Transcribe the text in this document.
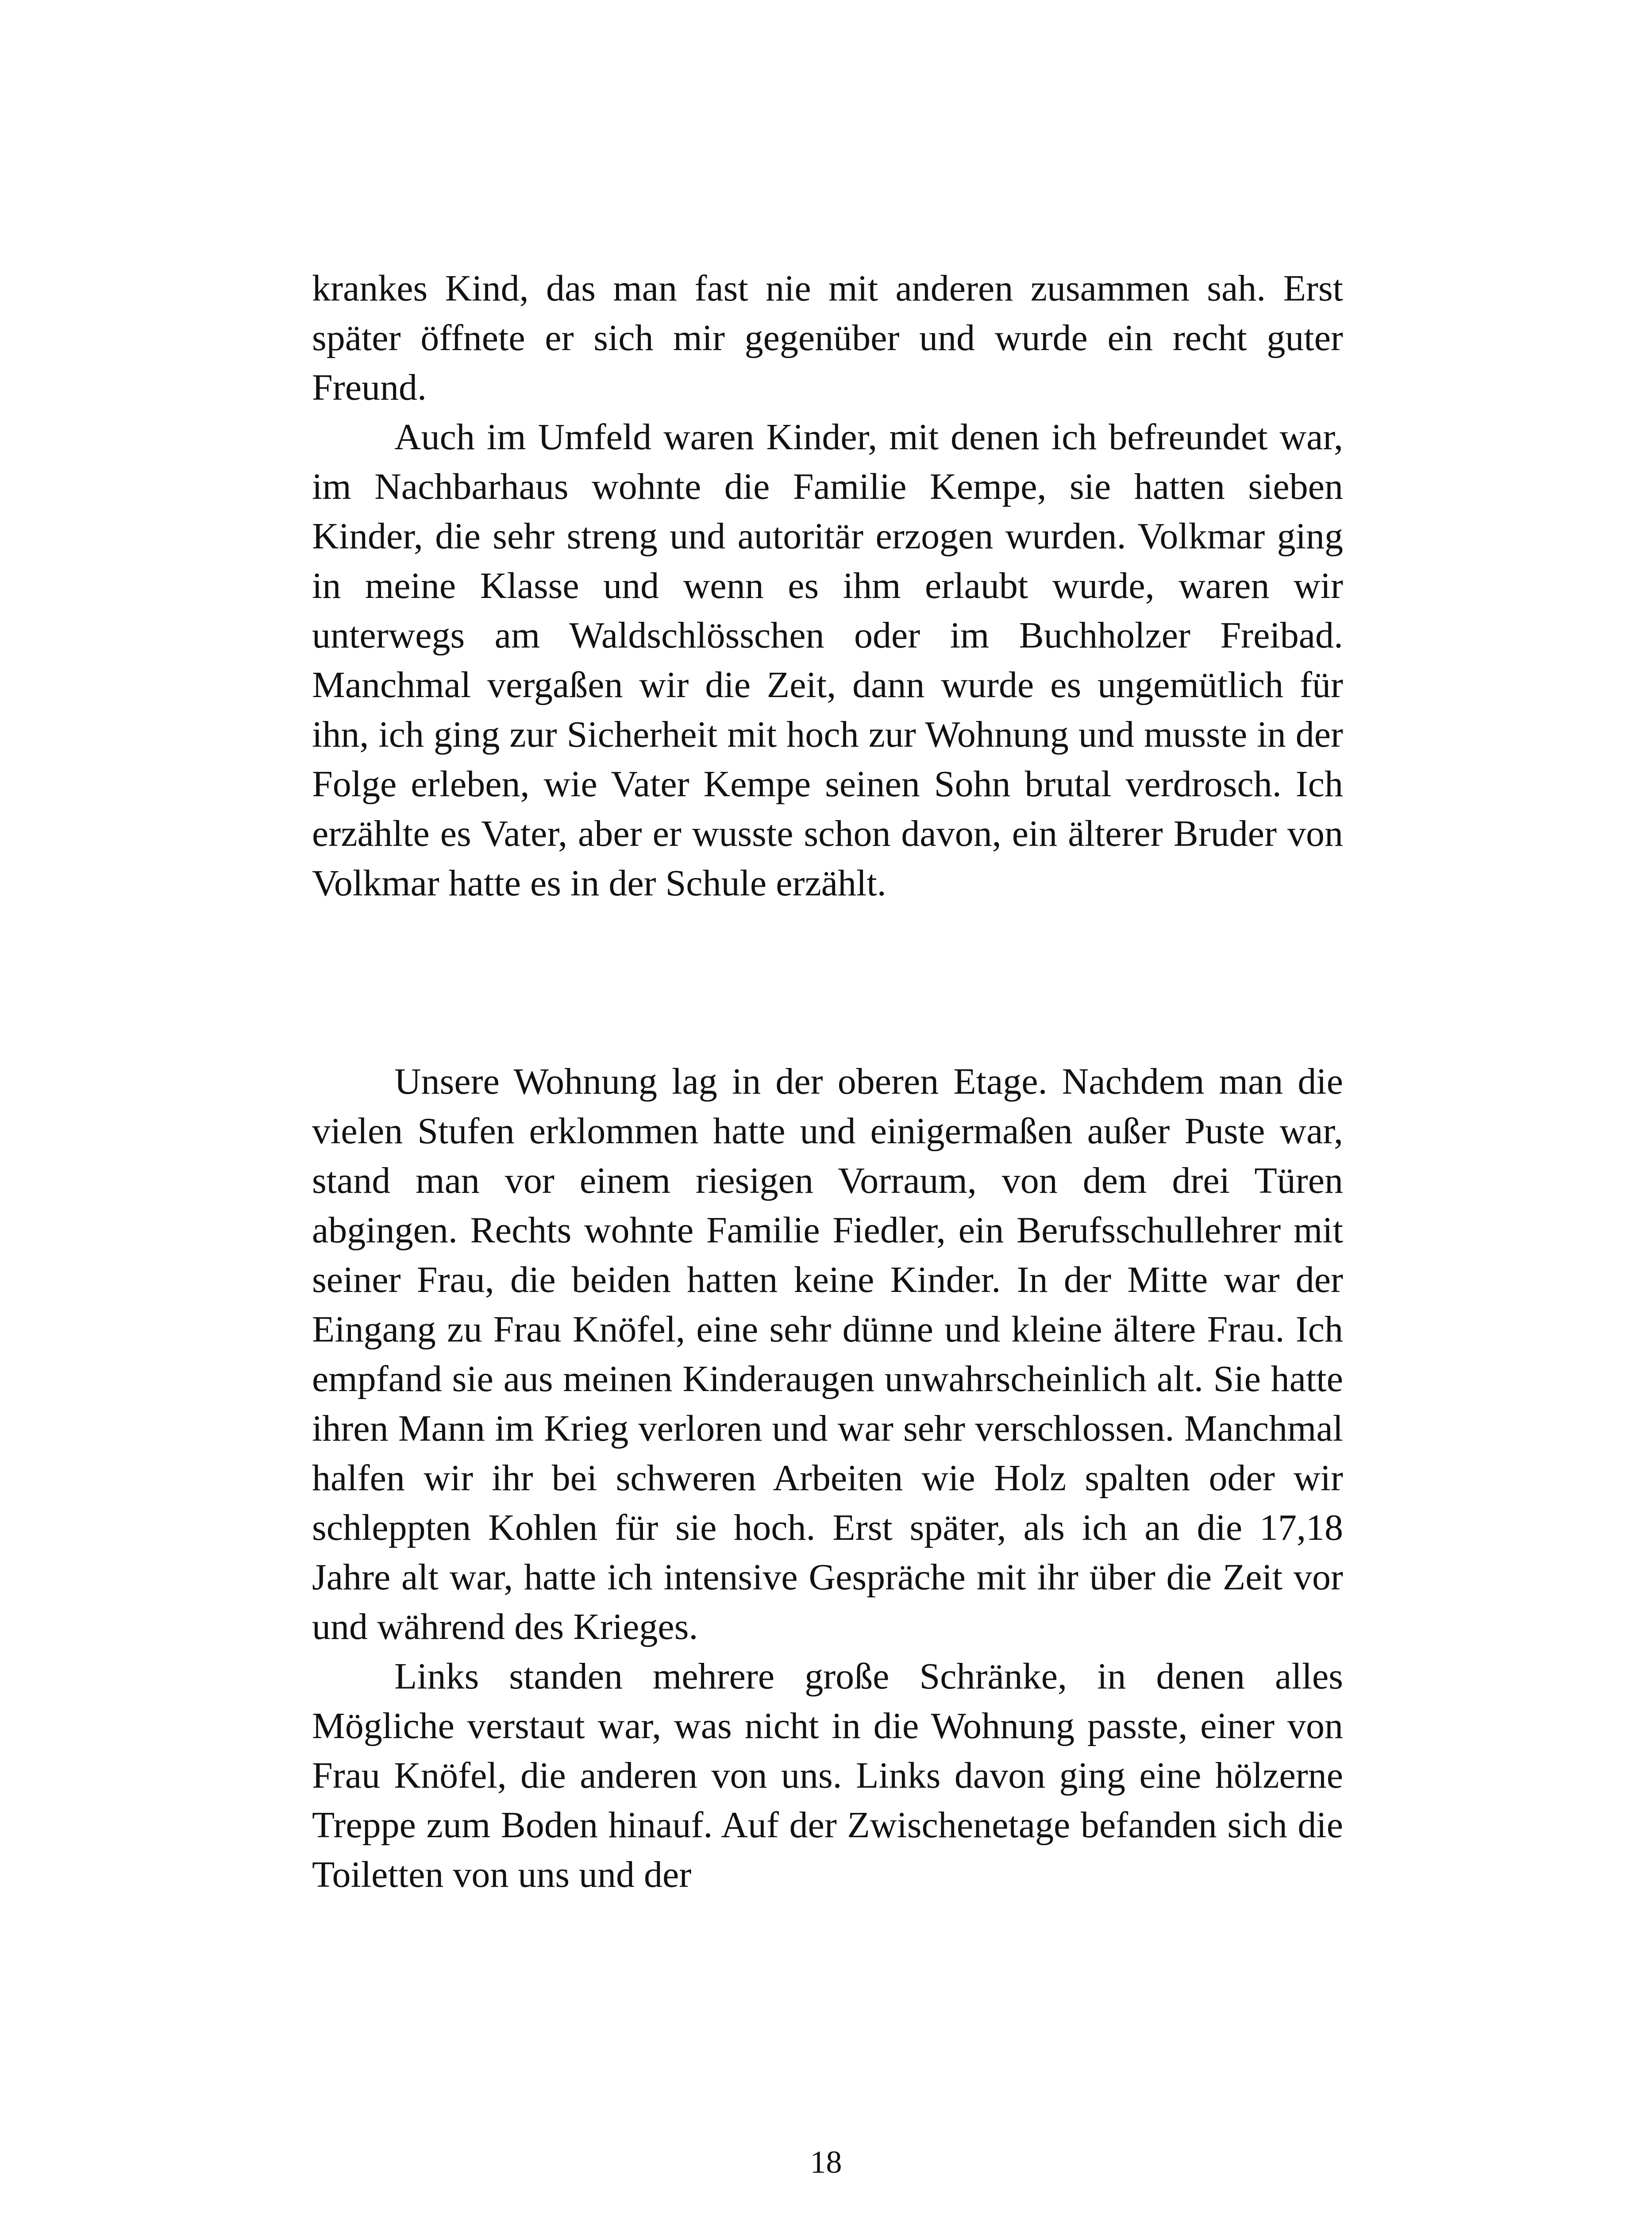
krankes Kind, das man fast nie mit anderen zusammen sah. Erst später öffnete er sich mir gegenüber und wurde ein recht guter Freund.

Auch im Umfeld waren Kinder, mit denen ich befreundet war, im Nachbarhaus wohnte die Familie Kempe, sie hatten sieben Kinder, die sehr streng und autoritär erzogen wurden. Volkmar ging in meine Klasse und wenn es ihm erlaubt wurde, waren wir unterwegs am Waldschlösschen oder im Buchholzer Freibad. Manchmal vergaßen wir die Zeit, dann wurde es ungemütlich für ihn, ich ging zur Sicherheit mit hoch zur Wohnung und musste in der Folge erleben, wie Vater Kempe seinen Sohn brutal verdrosch. Ich erzählte es Vater, aber er wusste schon davon, ein älterer Bruder von Volkmar hatte es in der Schule erzählt.

Unsere Wohnung lag in der oberen Etage. Nachdem man die vielen Stufen erklommen hatte und einigermaßen außer Puste war, stand man vor einem riesigen Vorraum, von dem drei Türen abgingen. Rechts wohnte Familie Fiedler, ein Berufsschullehrer mit seiner Frau, die beiden hatten keine Kinder. In der Mitte war der Eingang zu Frau Knöfel, eine sehr dünne und kleine ältere Frau. Ich empfand sie aus meinen Kinderaugen unwahrscheinlich alt. Sie hatte ihren Mann im Krieg verloren und war sehr verschlossen. Manchmal halfen wir ihr bei schweren Arbeiten wie Holz spalten oder wir schleppten Kohlen für sie hoch. Erst später, als ich an die 17,18 Jahre alt war, hatte ich intensive Gespräche mit ihr über die Zeit vor und während des Krieges.

Links standen mehrere große Schränke, in denen alles Mögliche verstaut war, was nicht in die Wohnung passte, einer von Frau Knöfel, die anderen von uns. Links davon ging eine hölzerne Treppe zum Boden hinauf. Auf der Zwischenetage befanden sich die Toiletten von uns und der

18
